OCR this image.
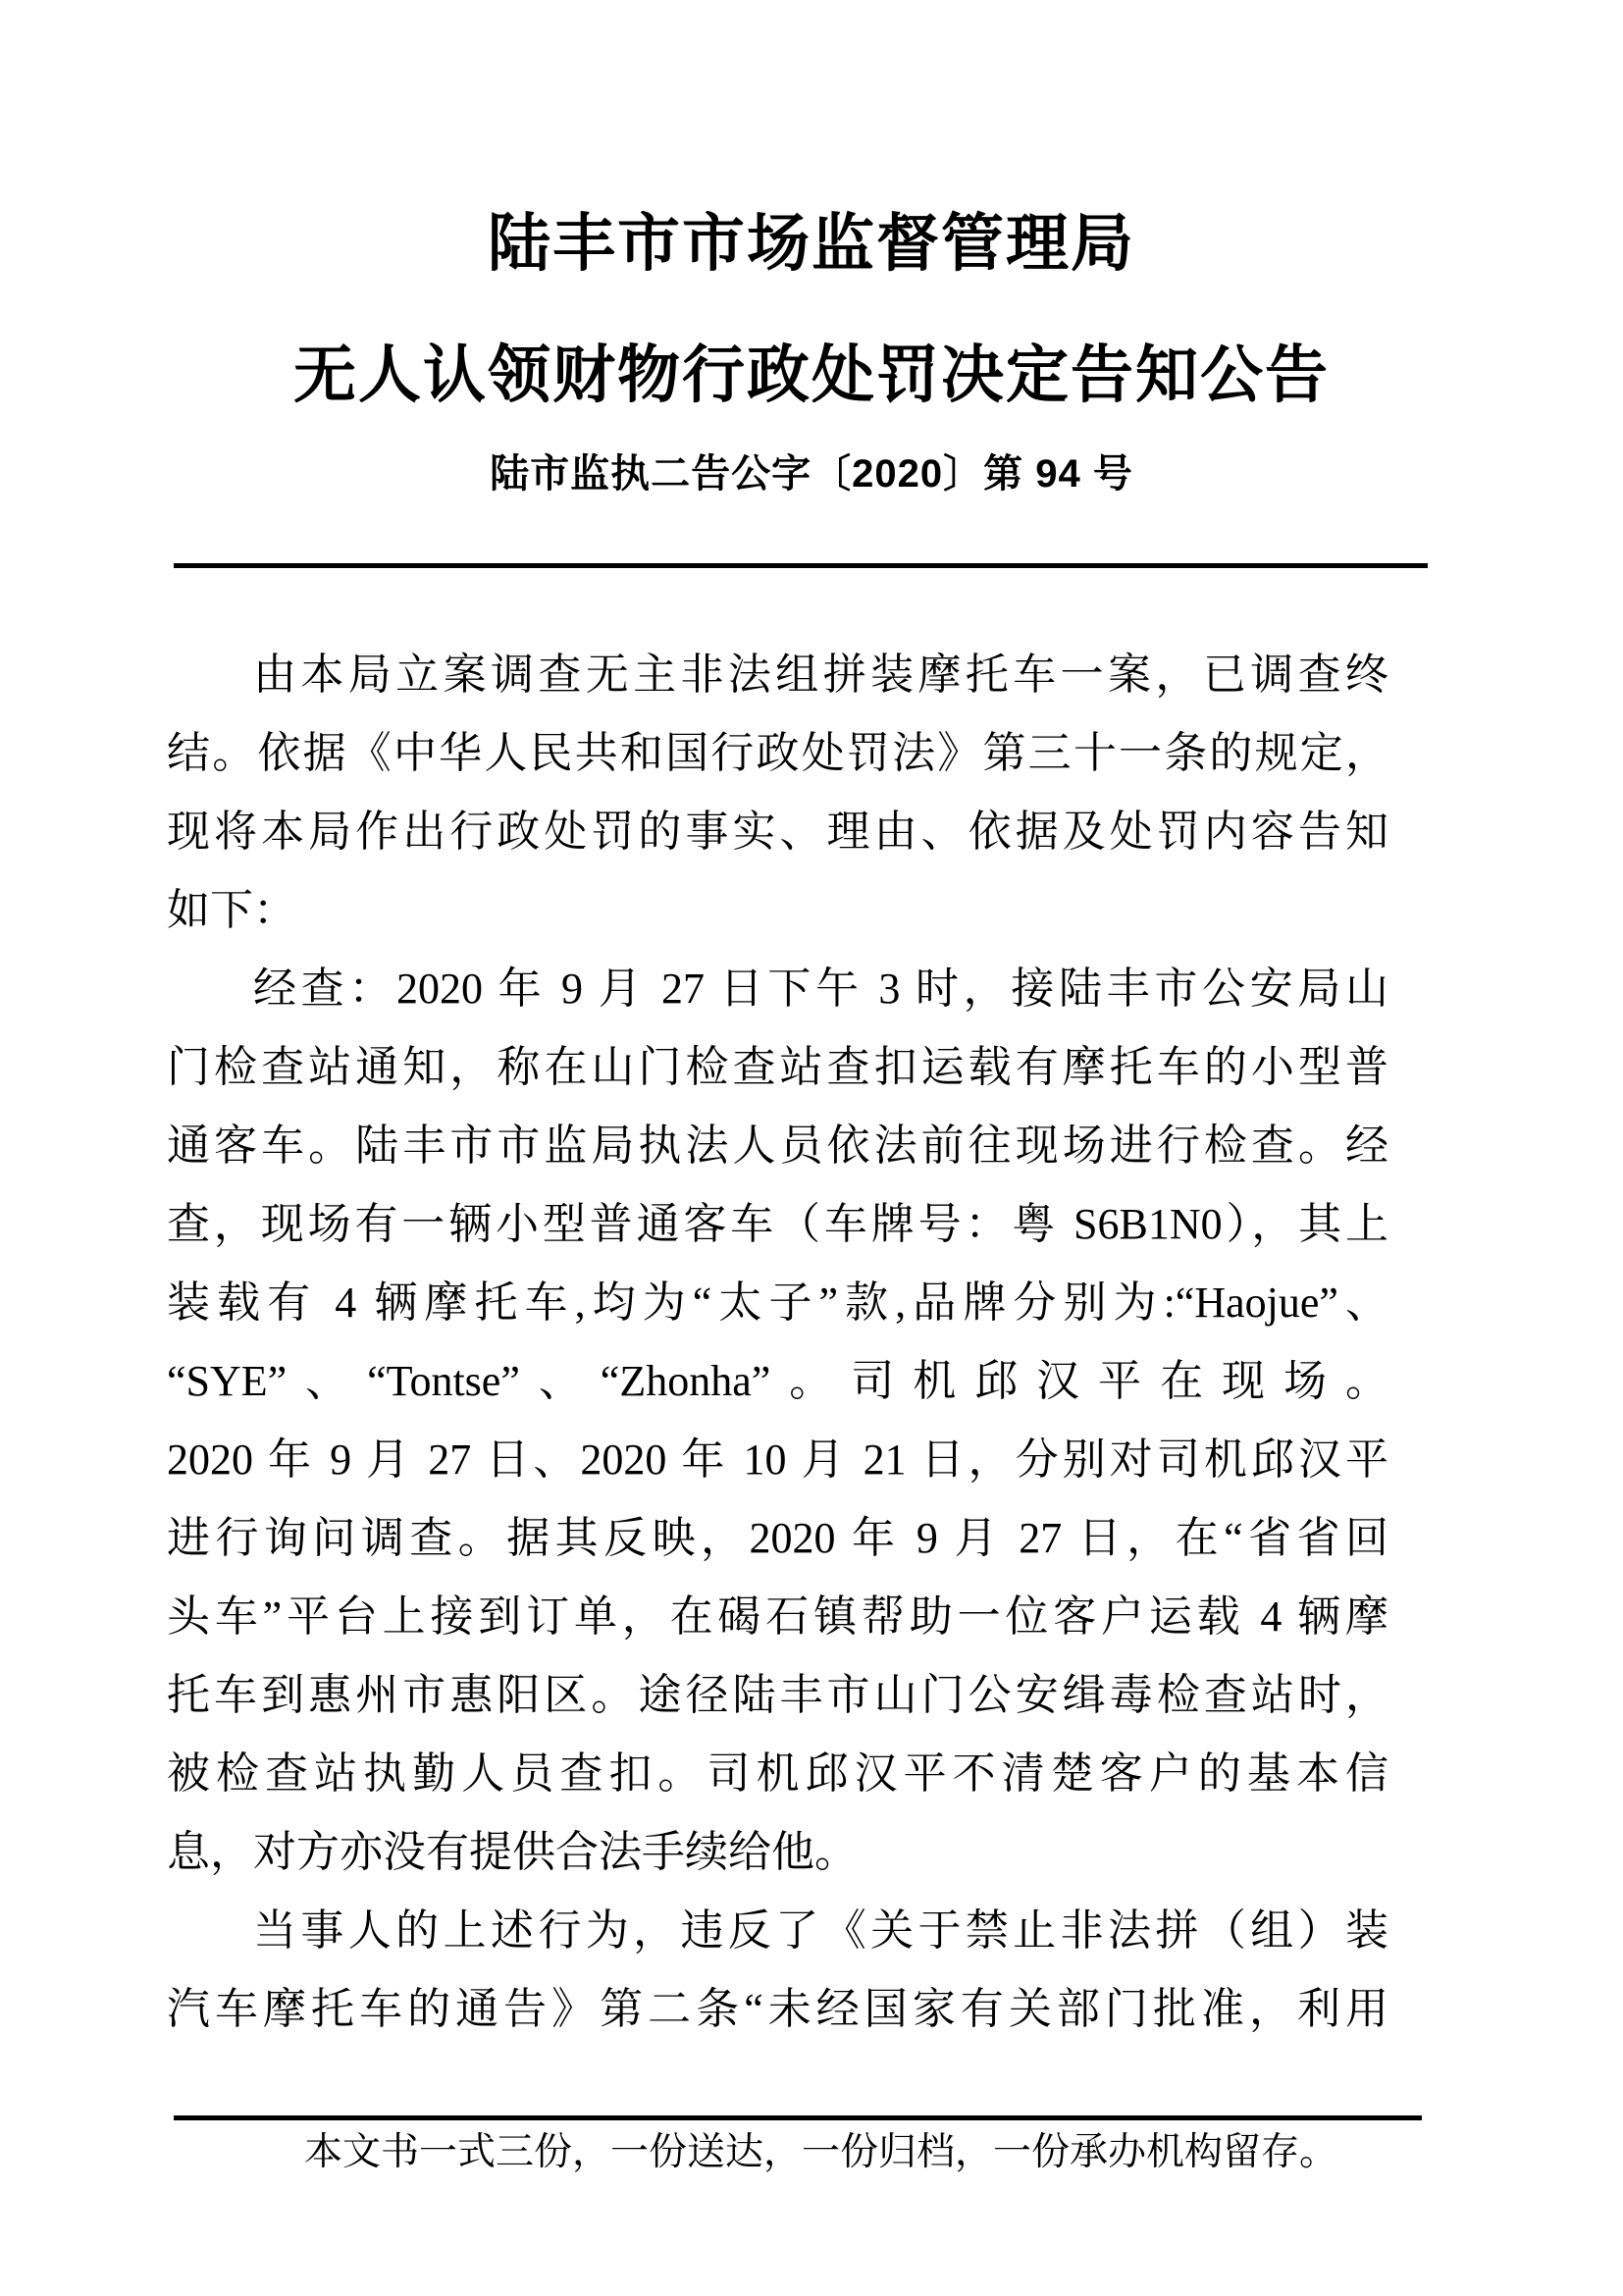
陆丰市市场监督管理局
无人认领财物行政处罚决定告知公告
陆市监执二告公字〔2020〕第 94 号
由本局立案调查无主非法组拼装摩托车一案，已调查终
结。依据《中华人民共和国行政处罚法》第三十一条的规定，
现将本局作出行政处罚的事实、理由、依据及处罚内容告知
如下：
经查：2020 年 9 月 27 日下午 3 时，接陆丰市公安局山
门检查站通知，称在山门检查站查扣运载有摩托车的小型普
通客车。陆丰市市监局执法人员依法前往现场进行检查。经
查，现场有一辆小型普通客车（车牌号：粤 S6B1N0），其上
装载有 4 辆摩托车,均为“太子”款,品牌分别为:“Haojue”、
“SYE”、“Tontse”、“Zhonha”。司机邱汉平在现场。
2020 年 9 月 27 日、2020 年 10 月 21 日，分别对司机邱汉平
进行询问调查。据其反映，2020 年 9 月 27 日，在“省省回
头车”平台上接到订单，在碣石镇帮助一位客户运载 4 辆摩
托车到惠州市惠阳区。途径陆丰市山门公安缉毒检查站时，
被检查站执勤人员查扣。司机邱汉平不清楚客户的基本信
息，对方亦没有提供合法手续给他。
当事人的上述行为，违反了《关于禁止非法拼（组）装
汽车摩托车的通告》第二条“未经国家有关部门批准，利用
本文书一式三份，一份送达，一份归档，一份承办机构留存。
